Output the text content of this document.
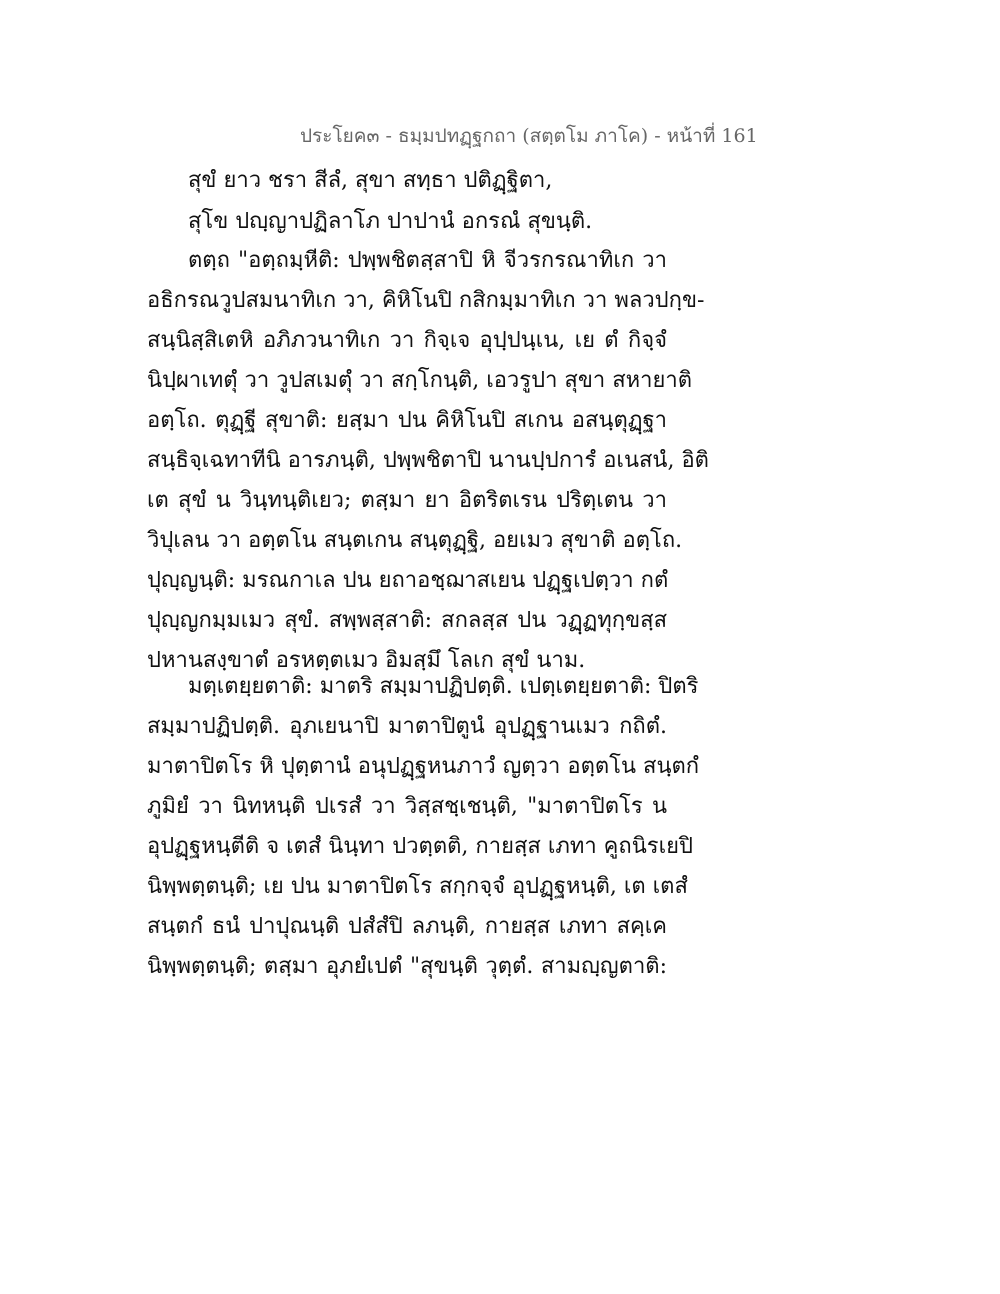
ประโยค๓ - ธมฺมปทฏฺฐกถา (สตฺตโม ภาโค) - หน้าที่ 161
สุขํ ยาว ชรา สีลํ, สุขา สทฺธา ปติฏฺฐิตา,
สุโข ปญฺญาปฏิลาโภ ปาปานํ อกรณํ สุขนฺติ.
ตตฺถ "อตฺถมฺหีติ: ปพฺพชิตสฺสาปิ หิ จีวรกรณาทิเก วา
อธิกรณวูปสมนาทิเก วา, คิหิโนปิ กสิกมฺมาทิเก วา พลวปกฺข-
สนฺนิสฺสิเตหิ อภิภวนาทิเก วา กิจฺเจ อุปฺปนฺเน, เย ตํ กิจฺจํ
นิปฺผาเทตุํ วา วูปสเมตุํ วา สกฺโกนฺติ, เอวรูปา สุขา สหายาติ
อตฺโถ. ตุฏฺฐี สุขาติ: ยสฺมา ปน คิหิโนปิ สเกน อสนฺตุฏฺฐา
สนฺธิจฺเฉทาทีนิ อารภนฺติ, ปพฺพชิตาปิ นานปฺปการํ อเนสนํ, อิติ
เต สุขํ น วินฺทนฺติเยว; ตสฺมา ยา อิตริตเรน ปริตฺเตน วา
วิปุเลน วา อตฺตโน สนฺตเกน สนฺตุฏฺฐิ, อยเมว สุขาติ อตฺโถ.
ปุญฺญนฺติ: มรณกาเล ปน ยถาอชฺฌาสเยน ปฏฺฐเปตฺวา กตํ
ปุญฺญกมฺมเมว สุขํ. สพฺพสฺสาติ: สกลสฺส ปน วฏฺฏทุกฺขสฺส
ปหานสงฺขาตํ อรหตฺตเมว อิมสฺมึ โลเก สุขํ นาม.
มตฺเตยฺยตาติ: มาตริ สมฺมาปฏิปตฺติ. เปตฺเตยฺยตาติ: ปิตริ
สมฺมาปฏิปตฺติ. อุภเยนาปิ มาตาปิตูนํ อุปฏฺฐานเมว กถิตํ.
มาตาปิตโร หิ ปุตฺตานํ อนุปฏฺฐหนภาวํ ญตฺวา อตฺตโน สนฺตกํ
ภูมิยํ วา นิทหนฺติ ปเรสํ วา วิสฺสชฺเชนฺติ, "มาตาปิตโร น
อุปฏฺฐหนฺตีติ จ เตสํ นินฺทา ปวตฺตติ, กายสฺส เภทา คูถนิรเยปิ
นิพฺพตฺตนฺติ; เย ปน มาตาปิตโร สกฺกจฺจํ อุปฏฺฐหนฺติ, เต เตสํ
สนฺตกํ ธนํ ปาปุณนฺติ ปสํสํปิ ลภนฺติ, กายสฺส เภทา สคฺเค
นิพฺพตฺตนฺติ; ตสฺมา อุภยํเปตํ "สุขนฺติ วุตฺตํ. สามญฺญตาติ:
